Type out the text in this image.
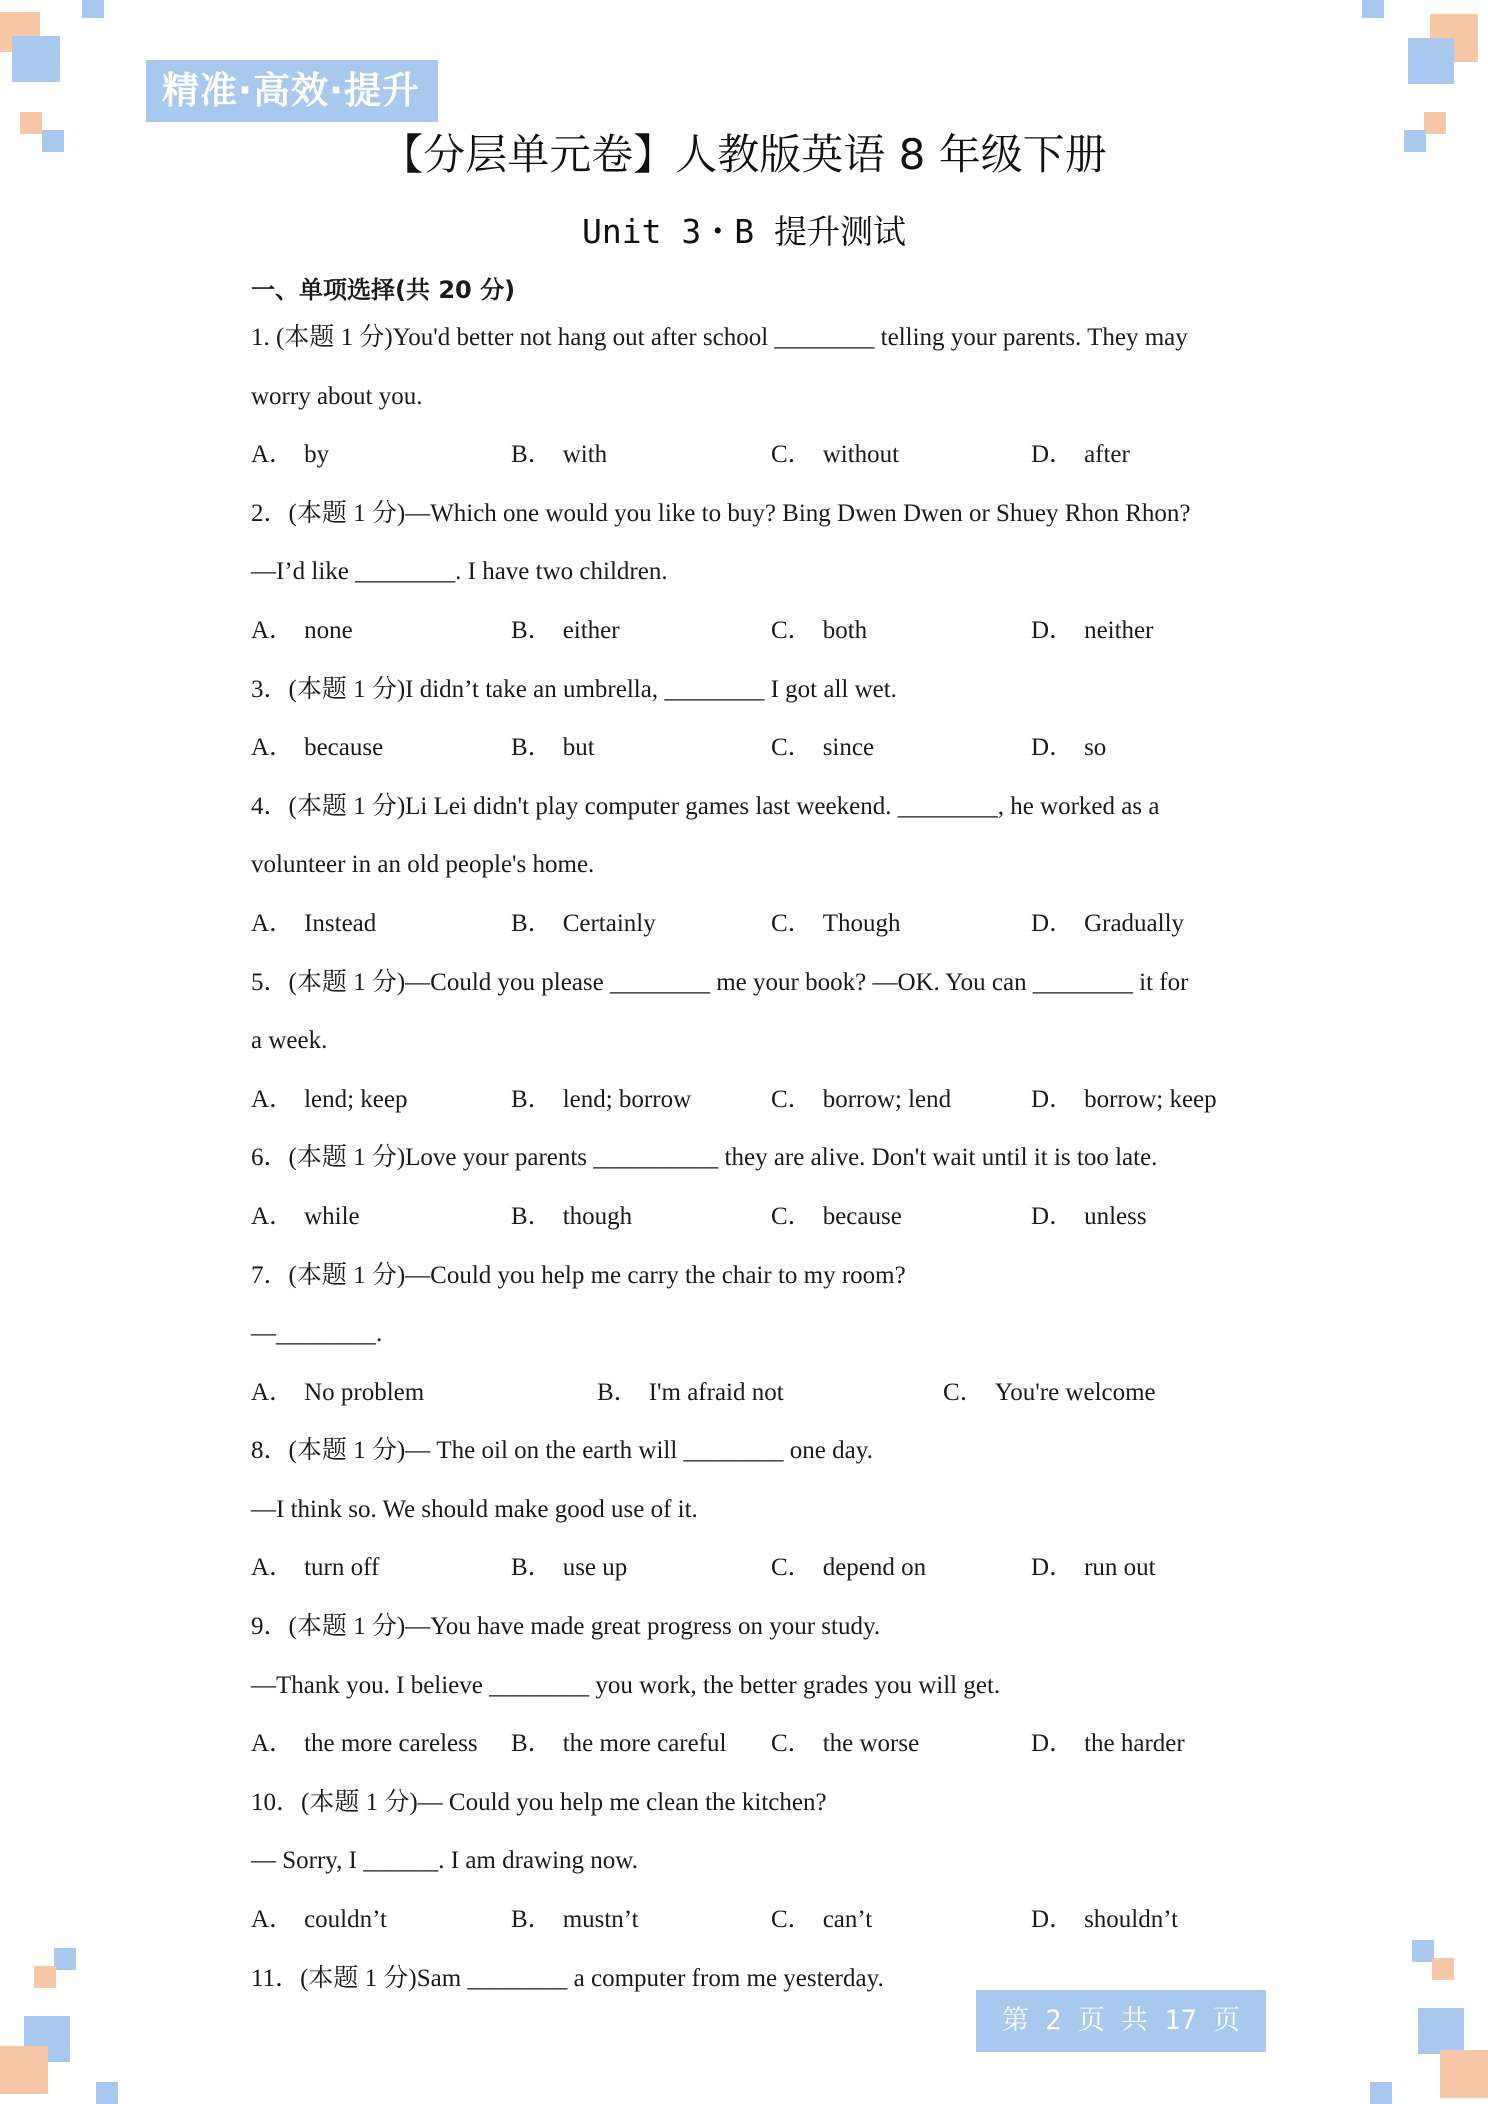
精准·高效·提升
【分层单元卷】人教版英语 8 年级下册
Unit 3・B 提升测试
一、单项选择(共 20 分)
1. (本题 1 分)You'd better not hang out after school ________ telling your parents. They may
worry about you.
A． by	B． with	C． without	D． after
2．(本题 1 分)—Which one would you like to buy? Bing Dwen Dwen or Shuey Rhon Rhon?
—I’d like ________. I have two children.
A． none	B． either	C． both	D． neither
3．(本题 1 分)I didn’t take an umbrella, ________ I got all wet.
A． because	B． but	C． since	D． so
4．(本题 1 分)Li Lei didn't play computer games last weekend. ________, he worked as a
volunteer in an old people's home.
A． Instead	B． Certainly	C． Though	D． Gradually
5．(本题 1 分)—Could you please ________ me your book? —OK. You can ________ it for
a week.
A． lend; keep	B． lend; borrow	C． borrow; lend	D． borrow; keep
6．(本题 1 分)Love your parents __________ they are alive. Don't wait until it is too late.
A． while	B． though	C． because	D． unless
7．(本题 1 分)—Could you help me carry the chair to my room?
—________.
A． No problem	B． I'm afraid not	C． You're welcome
8．(本题 1 分)— The oil on the earth will ________ one day.
—I think so. We should make good use of it.
A． turn off	B． use up	C． depend on	D． run out
9．(本题 1 分)—You have made great progress on your study.
—Thank you. I believe ________ you work, the better grades you will get.
A． the more careless B． the more careful C． the worse	D． the harder
10．(本题 1 分)— Could you help me clean the kitchen?
— Sorry, I ______. I am drawing now.
A． couldn’t	B． mustn’t	C． can’t	D． shouldn’t
11．(本题 1 分)Sam ________ a computer from me yesterday.
第 2 页 共 17 页
